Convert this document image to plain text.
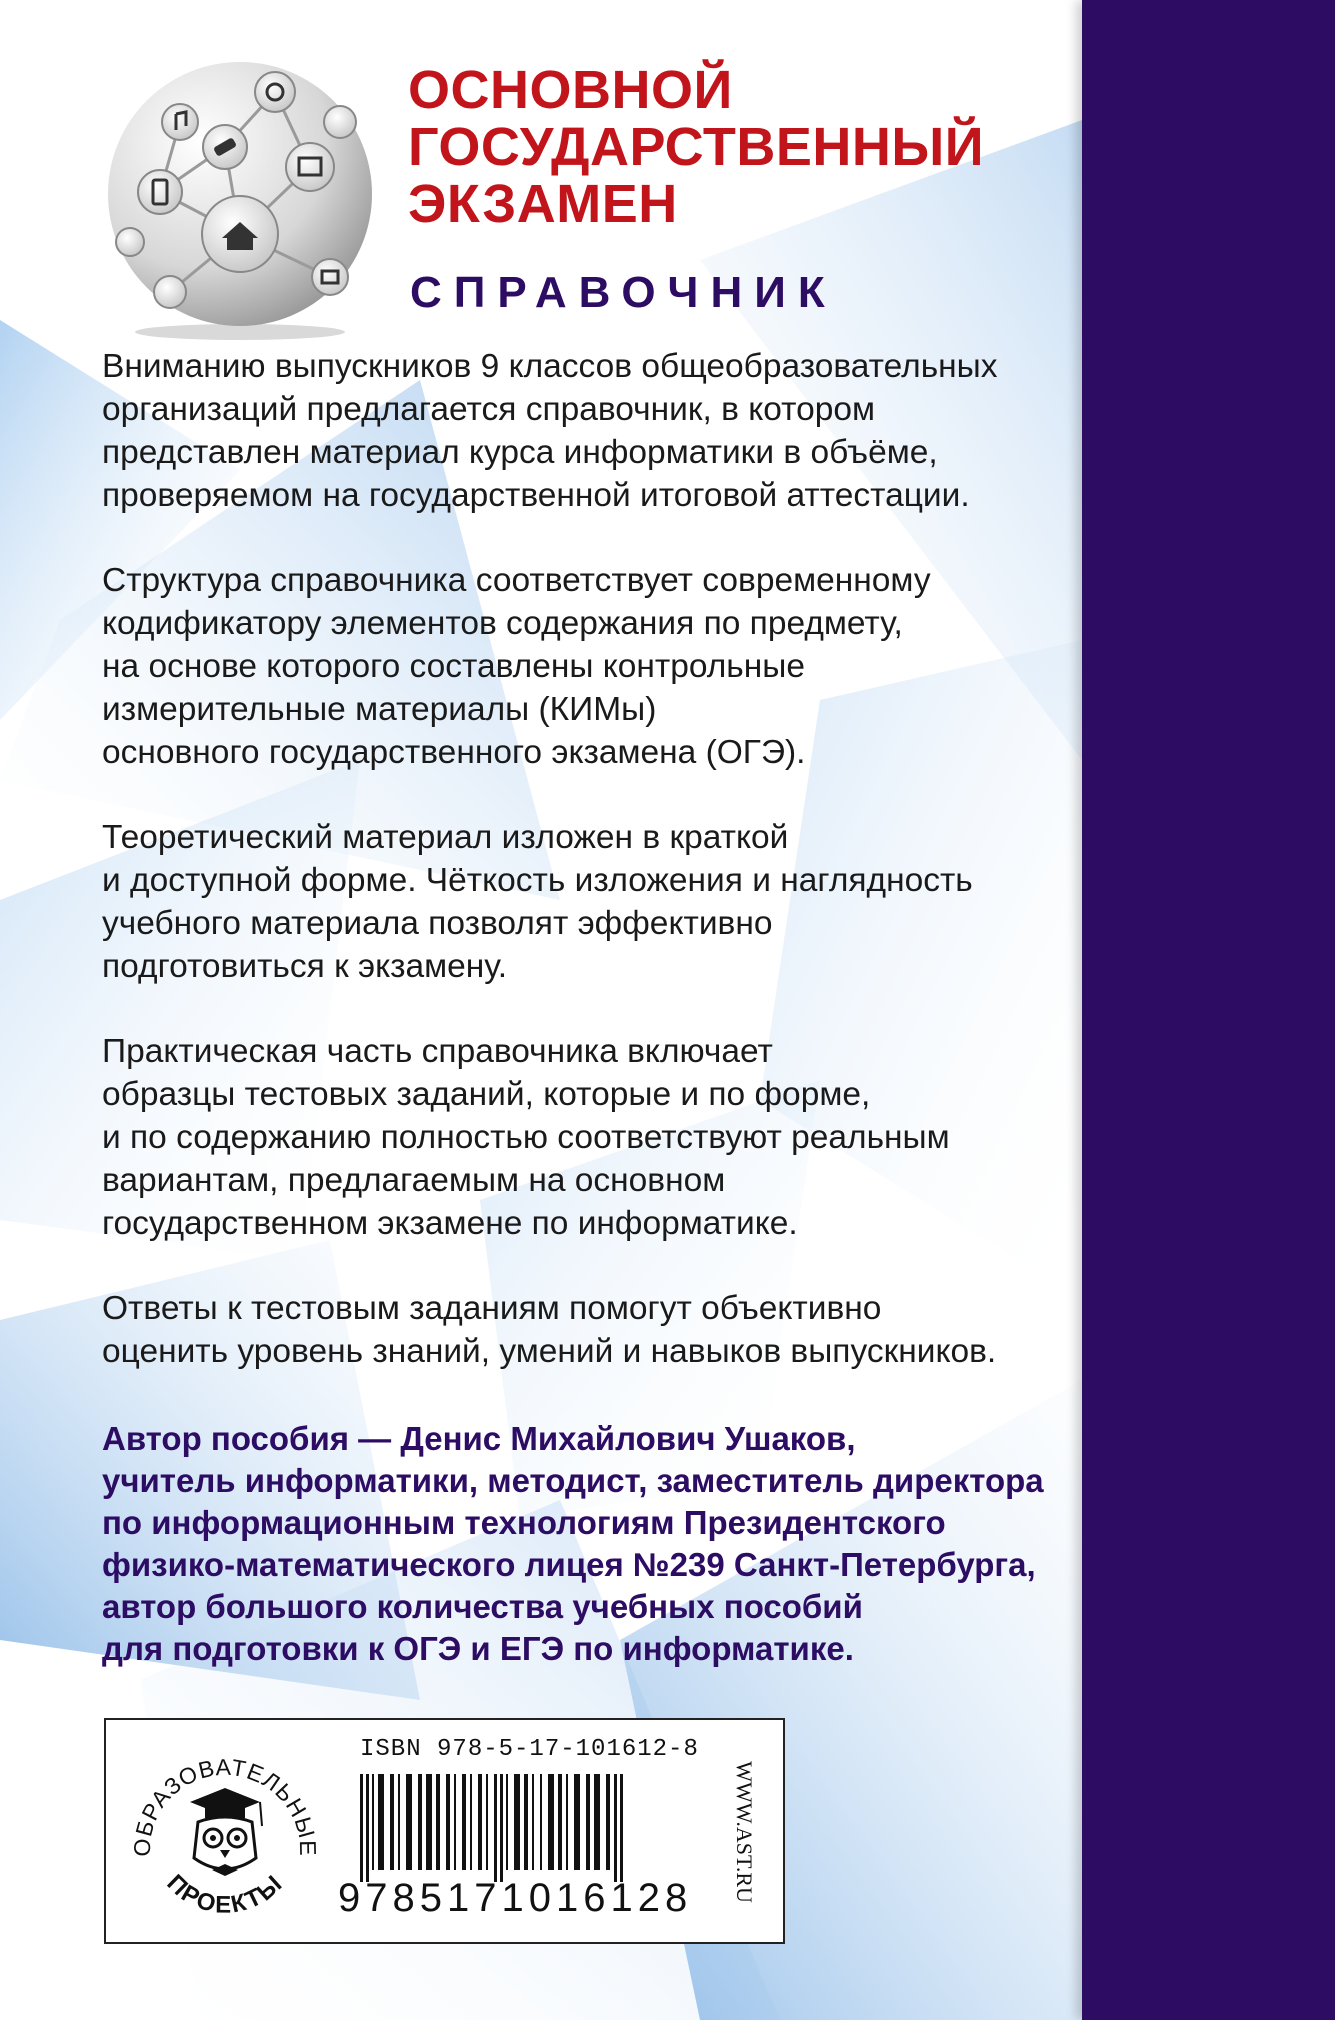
ОСНОВНОЙ
ГОСУДАРСТВЕННЫЙ
ЭКЗАМЕН
СПРАВОЧНИК
Вниманию выпускников 9 классов общеобразовательных
организаций предлагается справочник, в котором
представлен материал курса информатики в объёме,
проверяемом на государственной итоговой аттестации.
Структура справочника соответствует современному
кодификатору элементов содержания по предмету,
на основе которого составлены контрольные
измерительные материалы (КИМы)
основного государственного экзамена (ОГЭ).
Теоретический материал изложен в краткой
и доступной форме. Чёткость изложения и наглядность
учебного материала позволят эффективно
подготовиться к экзамену.
Практическая часть справочника включает
образцы тестовых заданий, которые и по форме,
и по содержанию полностью соответствуют реальным
вариантам, предлагаемым на основном
государственном экзамене по информатике.
Ответы к тестовым заданиям помогут объективно
оценить уровень знаний, умений и навыков выпускников.
Автор пособия — Денис Михайлович Ушаков,
учитель информатики, методист, заместитель директора
по информационным технологиям Президентского
физико-математического лицея №239 Санкт-Петербурга,
автор большого количества учебных пособий
для подготовки к ОГЭ и ЕГЭ по информатике.
ОБРАЗОВАТЕЛЬНЫЕ
ПРОЕКТЫ
ISBN 978-5-17-101612-8
9785171016128 WWW.AST.RU
